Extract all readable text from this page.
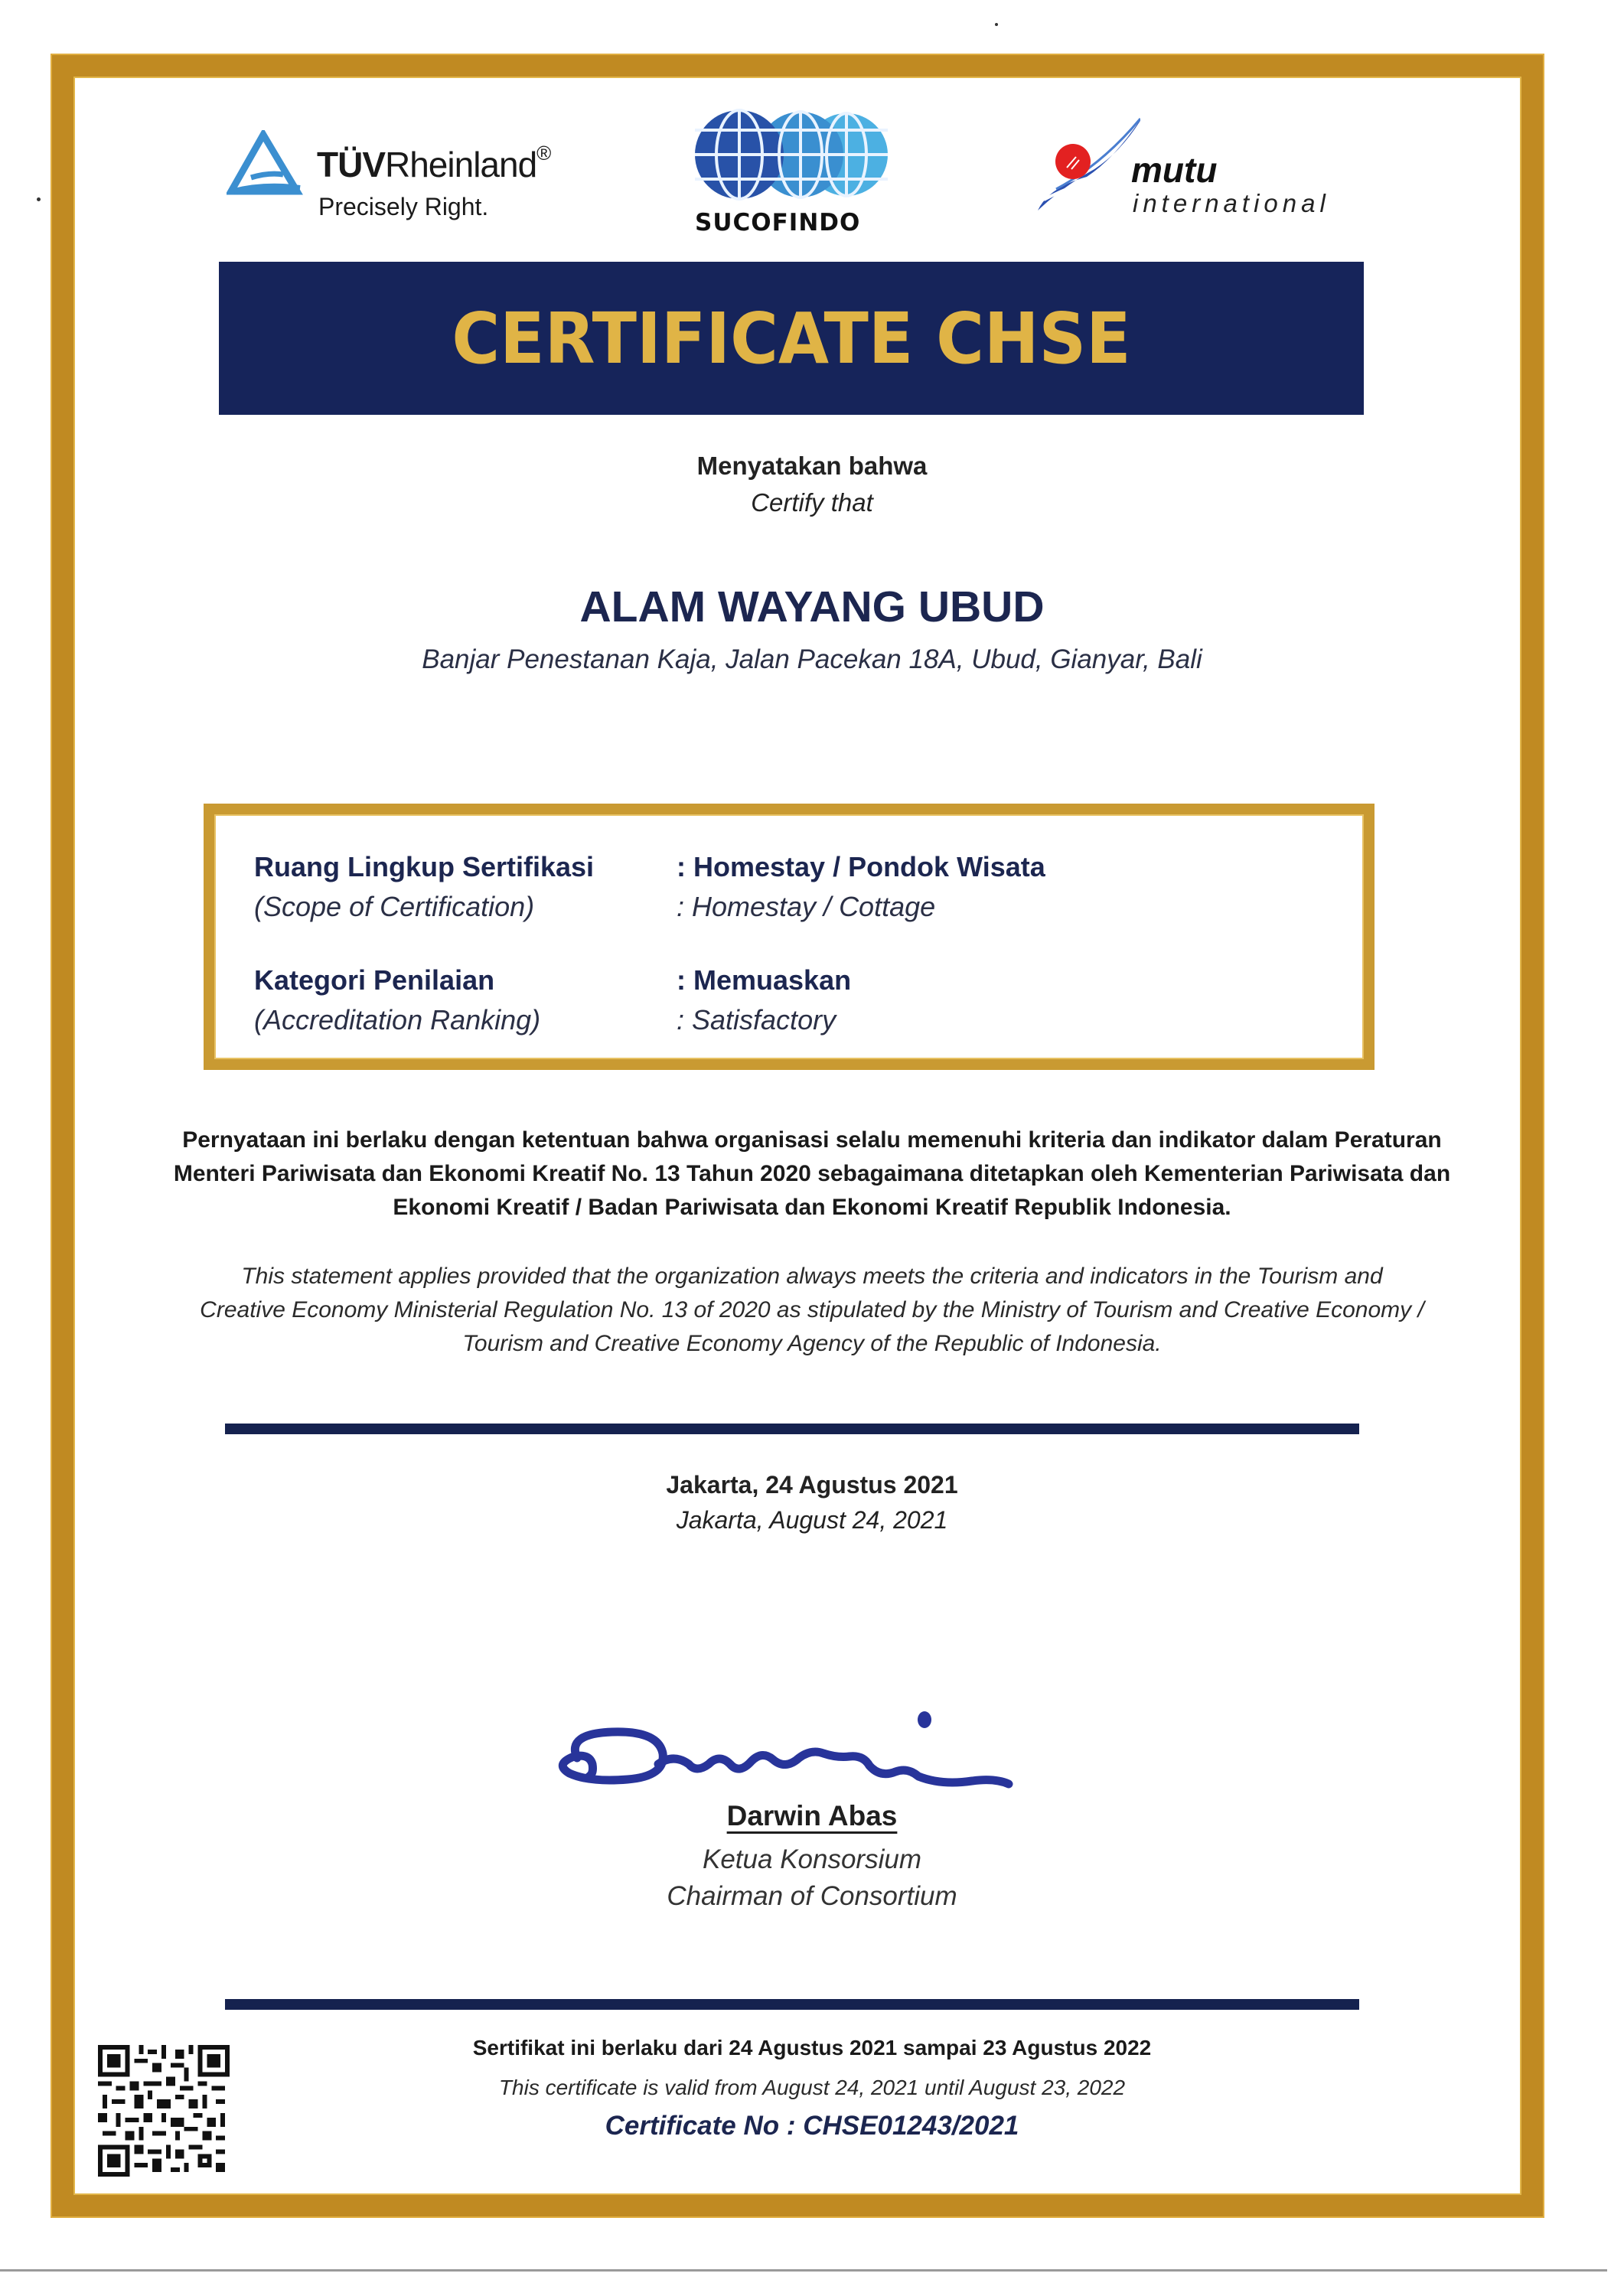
TÜVRheinland®
Precisely Right.
SUCOFINDO
mutu
international
CERTIFICATE CHSE
Menyatakan bahwa
Certify that
ALAM WAYANG UBUD
Banjar Penestanan Kaja, Jalan Pacekan 18A, Ubud, Gianyar, Bali
Ruang Lingkup Sertifikasi	: Homestay / Pondok Wisata
(Scope of Certification)	: Homestay / Cottage
Kategori Penilaian	: Memuaskan
(Accreditation Ranking)	: Satisfactory
Pernyataan ini berlaku dengan ketentuan bahwa organisasi selalu memenuhi kriteria dan indikator dalam Peraturan
Menteri Pariwisata dan Ekonomi Kreatif No. 13 Tahun 2020 sebagaimana ditetapkan oleh Kementerian Pariwisata dan
Ekonomi Kreatif / Badan Pariwisata dan Ekonomi Kreatif Republik Indonesia.
This statement applies provided that the organization always meets the criteria and indicators in the Tourism and
Creative Economy Ministerial Regulation No. 13 of 2020 as stipulated by the Ministry of Tourism and Creative Economy /
Tourism and Creative Economy Agency of the Republic of Indonesia.
Jakarta, 24 Agustus 2021
Jakarta, August 24, 2021
Darwin Abas
Ketua Konsorsium
Chairman of Consortium
Sertifikat ini berlaku dari 24 Agustus 2021 sampai 23 Agustus 2022
This certificate is valid from August 24, 2021 until August 23, 2022
Certificate No : CHSE01243/2021
